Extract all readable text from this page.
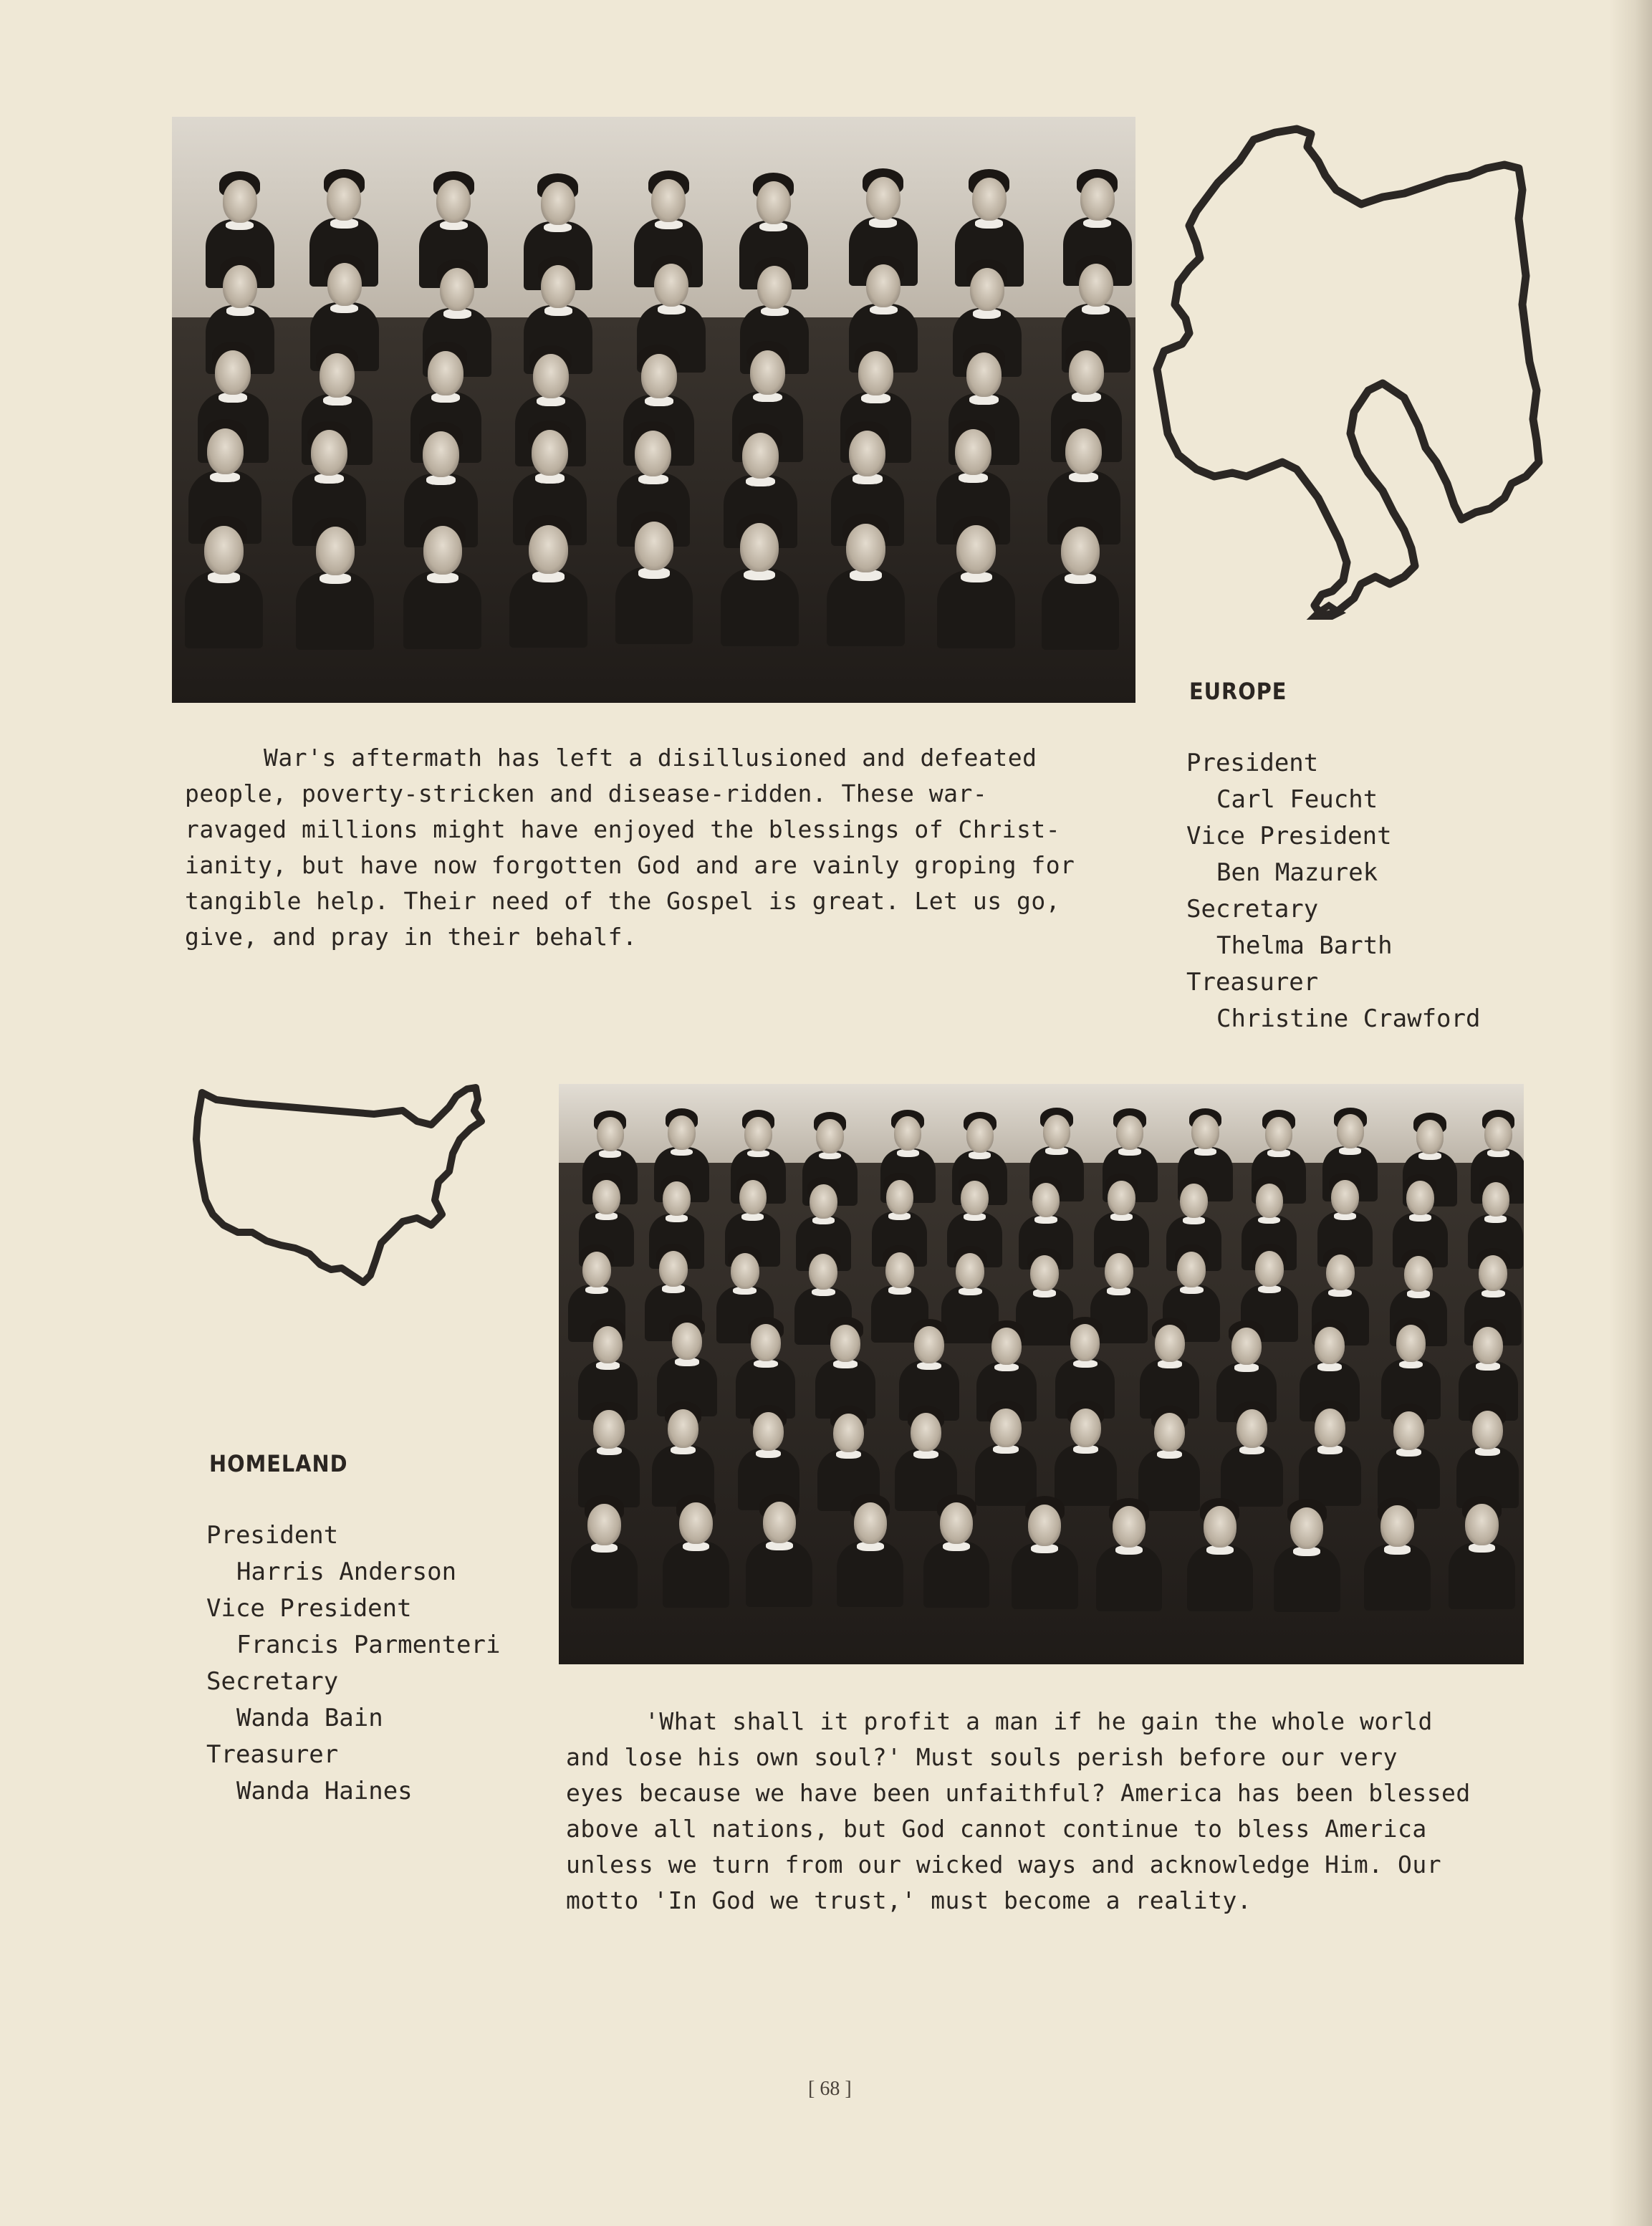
EUROPE
President
Carl Feucht
Vice President
Ben Mazurek
Secretary
Thelma Barth
Treasurer
Christine Crawford
War's aftermath has left a disillusioned and defeated
people, poverty-stricken and disease-ridden. These war-
ravaged millions might have enjoyed the blessings of Christ-
ianity, but have now forgotten God and are vainly groping for
tangible help. Their need of the Gospel is great. Let us go,
give, and pray in their behalf.
HOMELAND
President
Harris Anderson
Vice President
Francis Parmenteri
Secretary
Wanda Bain
Treasurer
Wanda Haines
'What shall it profit a man if he gain the whole world
and lose his own soul?' Must souls perish before our very
eyes because we have been unfaithful? America has been blessed
above all nations, but God cannot continue to bless America
unless we turn from our wicked ways and acknowledge Him. Our
motto 'In God we trust,' must become a reality.
[ 68 ]
